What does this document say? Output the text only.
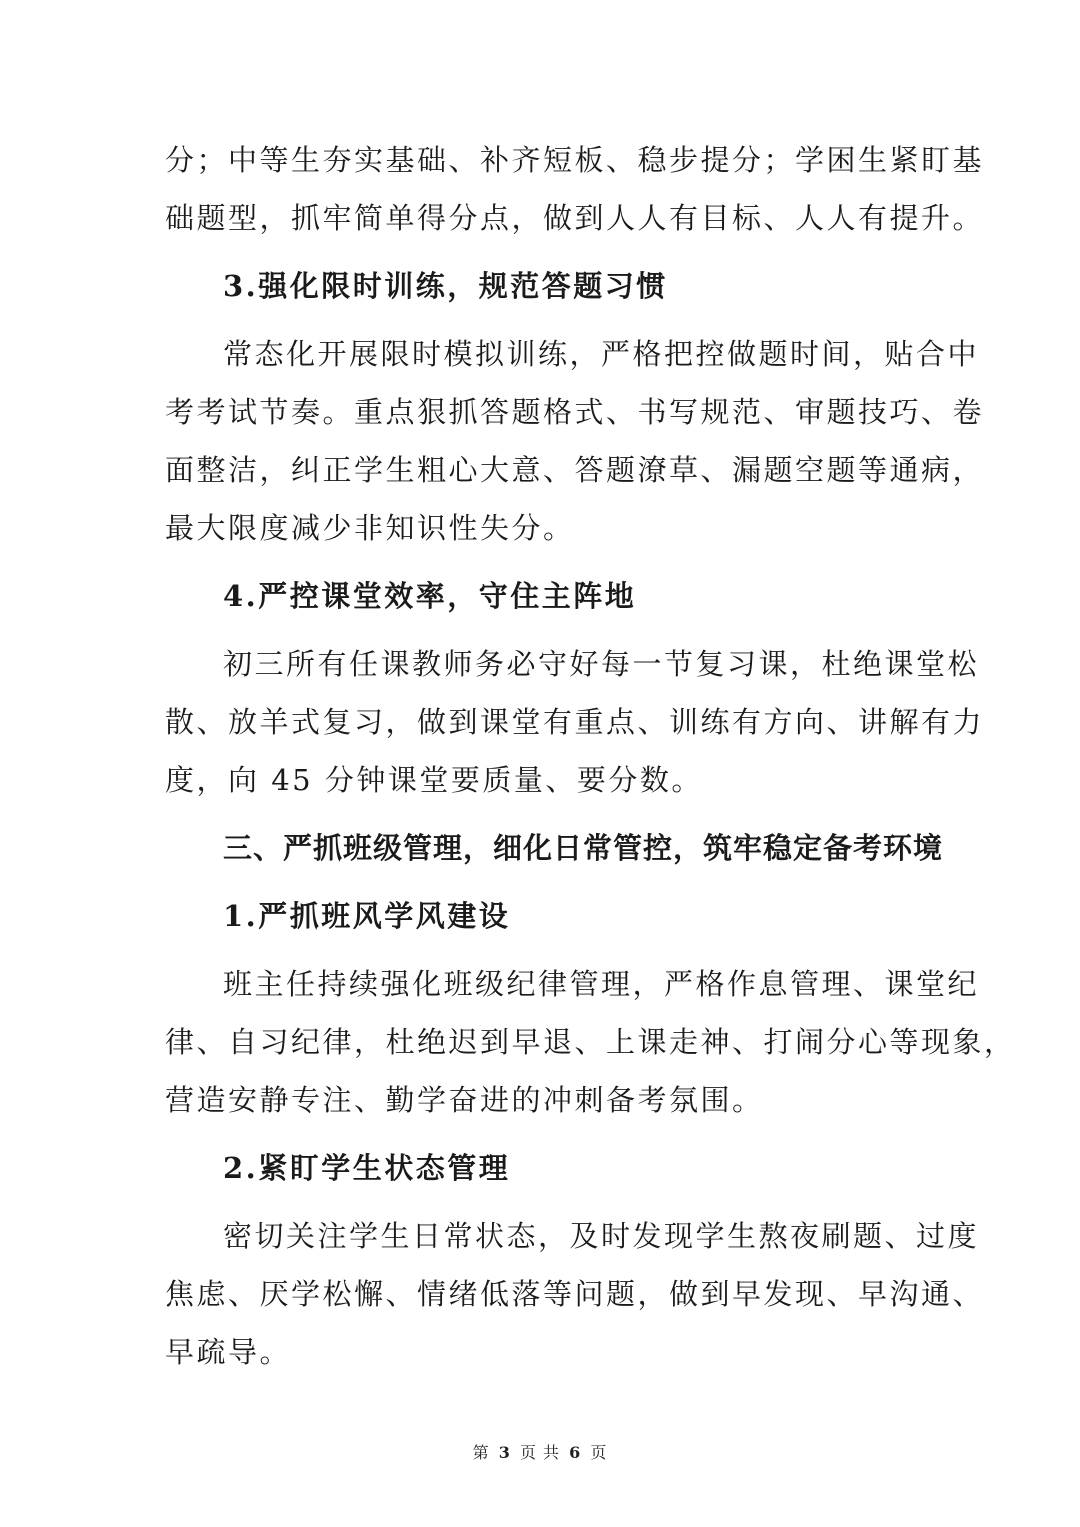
分；中等生夯实基础、补齐短板、稳步提分；学困生紧盯基
础题型，抓牢简单得分点，做到人人有目标、人人有提升。
3.强化限时训练，规范答题习惯
常态化开展限时模拟训练，严格把控做题时间，贴合中
考考试节奏。重点狠抓答题格式、书写规范、审题技巧、卷
面整洁，纠正学生粗心大意、答题潦草、漏题空题等通病，
最大限度减少非知识性失分。
4.严控课堂效率，守住主阵地
初三所有任课教师务必守好每一节复习课，杜绝课堂松
散、放羊式复习，做到课堂有重点、训练有方向、讲解有力
度，向 45 分钟课堂要质量、要分数。
三、严抓班级管理，细化日常管控，筑牢稳定备考环境
1.严抓班风学风建设
班主任持续强化班级纪律管理，严格作息管理、课堂纪
律、自习纪律，杜绝迟到早退、上课走神、打闹分心等现象，
营造安静专注、勤学奋进的冲刺备考氛围。
2.紧盯学生状态管理
密切关注学生日常状态，及时发现学生熬夜刷题、过度
焦虑、厌学松懈、情绪低落等问题，做到早发现、早沟通、
早疏导。
第 3 页 共 6 页
